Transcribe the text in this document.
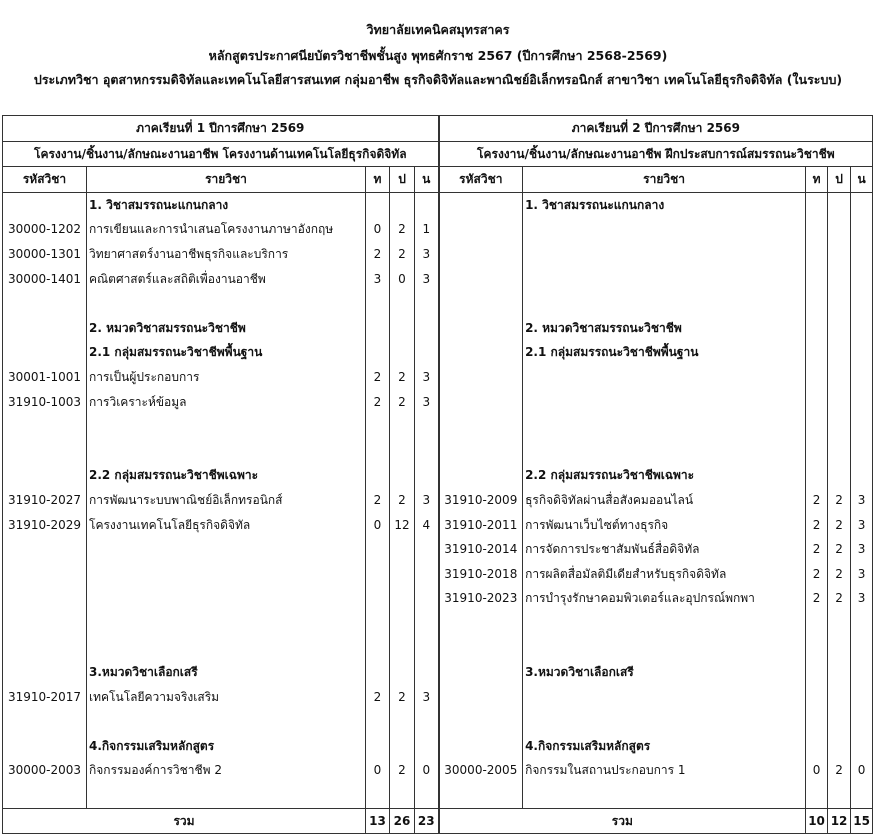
วิทยาลัยเทคนิคสมุทรสาคร
หลักสูตรประกาศนียบัตรวิชาชีพชั้นสูง พุทธศักราช 2567 (ปีการศึกษา 2568-2569)
ประเภทวิชา อุตสาหกรรมดิจิทัลและเทคโนโลยีสารสนเทศ กลุ่มอาชีพ ธุรกิจดิจิทัลและพาณิชย์อิเล็กทรอนิกส์ สาขาวิชา เทคโนโลยีธุรกิจดิจิทัล (ในระบบ)
ภาคเรียนที่ 1 ปีการศึกษา 2569					ภาคเรียนที่ 2 ปีการศึกษา 2569				
โครงงาน/ชิ้นงาน/ลักษณะงานอาชีพ โครงงานด้านเทคโนโลยีธุรกิจดิจิทัล					โครงงาน/ชิ้นงาน/ลักษณะงานอาชีพ ฝึกประสบการณ์สมรรถนะวิชาชีพ				
รหัสวิชา	รายวิชา	ท	ป	น	รหัสวิชา	รายวิชา	ท	ป	น
	1. วิชาสมรรถนะแกนกลาง					1. วิชาสมรรถนะแกนกลาง			
30000-1202	การเขียนและการนำเสนอโครงงานภาษาอังกฤษ	0	2	1					
30000-1301	วิทยาศาสตร์งานอาชีพธุรกิจและบริการ	2	2	3					
30000-1401	คณิตศาสตร์และสถิติเพื่องานอาชีพ	3	0	3					

	2. หมวดวิชาสมรรถนะวิชาชีพ					2. หมวดวิชาสมรรถนะวิชาชีพ			
	2.1 กลุ่มสมรรถนะวิชาชีพพื้นฐาน					2.1 กลุ่มสมรรถนะวิชาชีพพื้นฐาน			
30001-1001	การเป็นผู้ประกอบการ	2	2	3					
31910-1003	การวิเคราะห์ข้อมูล	2	2	3					

	2.2 กลุ่มสมรรถนะวิชาชีพเฉพาะ					2.2 กลุ่มสมรรถนะวิชาชีพเฉพาะ			
31910-2027	การพัฒนาระบบพาณิชย์อิเล็กทรอนิกส์	2	2	3	31910-2009	ธุรกิจดิจิทัลผ่านสื่อสังคมออนไลน์	2	2	3
31910-2029	โครงงานเทคโนโลยีธุรกิจดิจิทัล	0	12	4	31910-2011	การพัฒนาเว็บไซต์ทางธุรกิจ	2	2	3
					31910-2014	การจัดการประชาสัมพันธ์สื่อดิจิทัล	2	2	3
					31910-2018	การผลิตสื่อมัลติมีเดียสำหรับธุรกิจดิจิทัล	2	2	3
					31910-2023	การบำรุงรักษาคอมพิวเตอร์และอุปกรณ์พกพา	2	2	3

	3.หมวดวิชาเลือกเสรี					3.หมวดวิชาเลือกเสรี			
31910-2017	เทคโนโลยีความจริงเสริม	2	2	3					

	4.กิจกรรมเสริมหลักสูตร					4.กิจกรรมเสริมหลักสูตร			
30000-2003	กิจกรรมองค์การวิชาชีพ 2	0	2	0	30000-2005	กิจกรรมในสถานประกอบการ 1	0	2	0

รวม		13	26	23	รวม		10	12	15
